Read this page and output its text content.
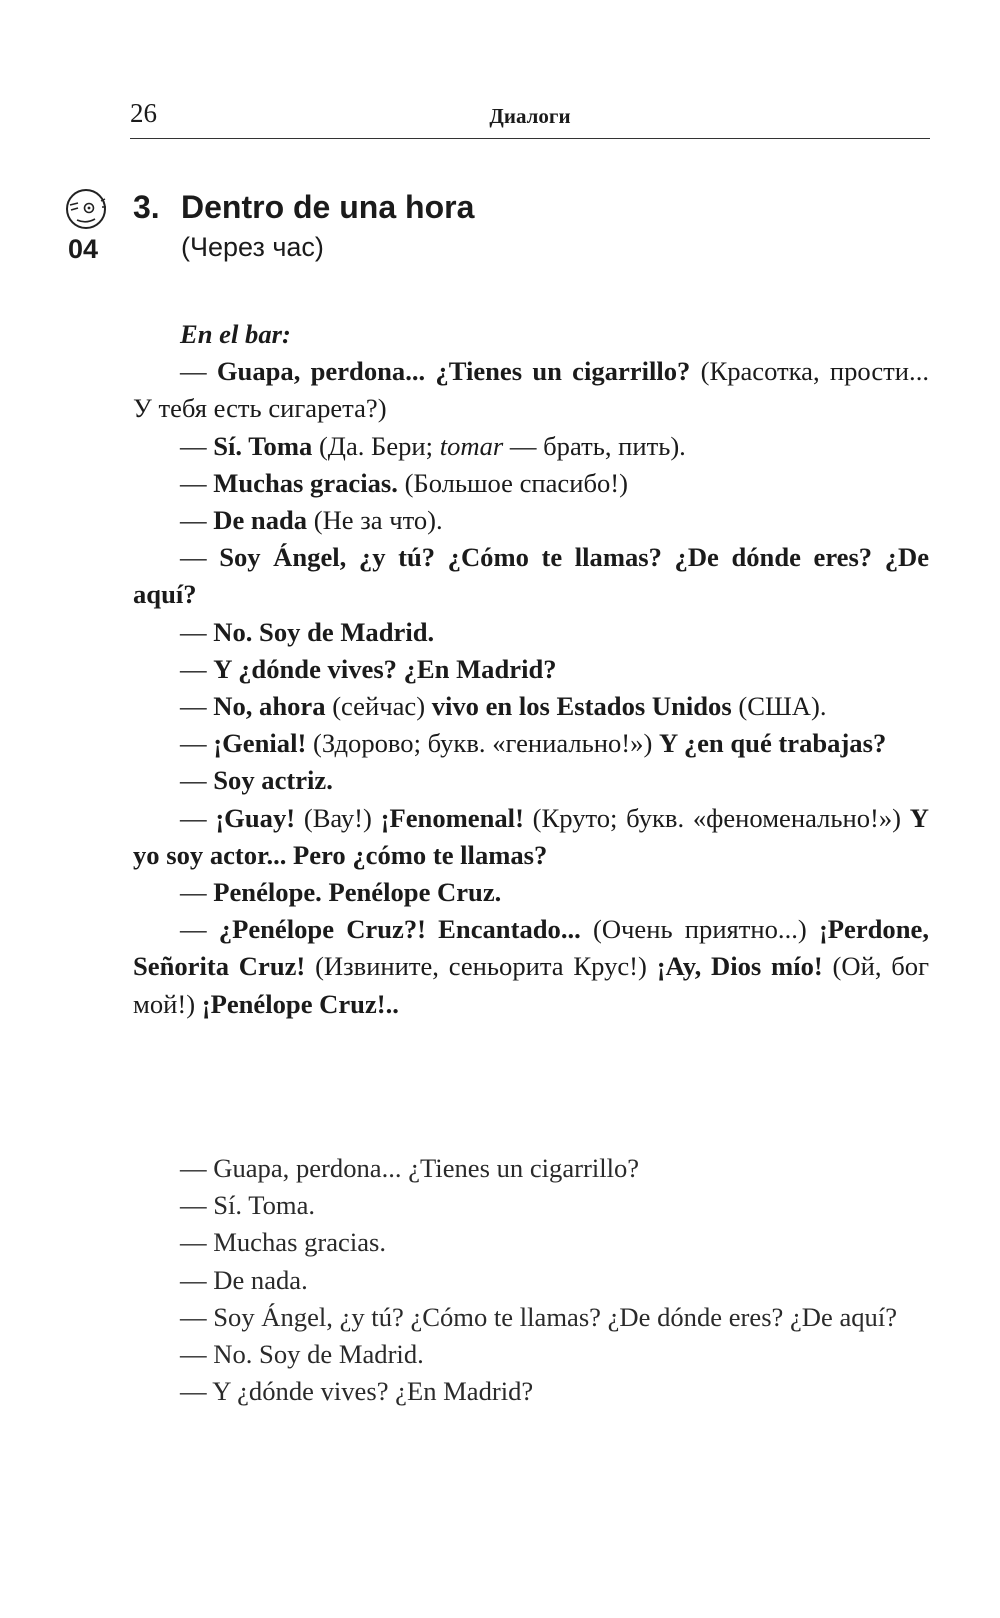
26	Диалоги
04
3. Dentro de una hora
(Через час)

En el bar:

— Guapa, perdona... ¿Tienes un cigarrillo? (Красотка, прости... У тебя есть сигарета?)

— Sí. Toma (Да. Бери; tomar — брать, пить).

— Muchas gracias. (Большое спасибо!)

— De nada (Не за что).

— Soy Ángel, ¿y tú? ¿Cómo te llamas? ¿De dónde eres? ¿De aquí?

— No. Soy de Madrid.

— Y ¿dónde vives? ¿En Madrid?

— No, ahora (сейчас) vivo en los Estados Unidos (США).

— ¡Genial! (Здорово; букв. «гениально!») Y ¿en qué trabajas?

— Soy actriz.

— ¡Guay! (Вау!) ¡Fenomenal! (Круто; букв. «феноменально!») Y yo soy actor... Pero ¿cómo te llamas?

— Penélope. Penélope Cruz.

— ¿Penélope Cruz?! Encantado... (Очень приятно...) ¡Perdone, Señorita Cruz! (Извините, сеньорита Крус!) ¡Ay, Dios mío! (Ой, бог мой!) ¡Penélope Cruz!..

— Guapa, perdona... ¿Tienes un cigarrillo?

— Sí. Toma.

— Muchas gracias.

— De nada.

— Soy Ángel, ¿y tú? ¿Cómo te llamas? ¿De dónde eres? ¿De aquí?

— No. Soy de Madrid.

— Y ¿dónde vives? ¿En Madrid?
